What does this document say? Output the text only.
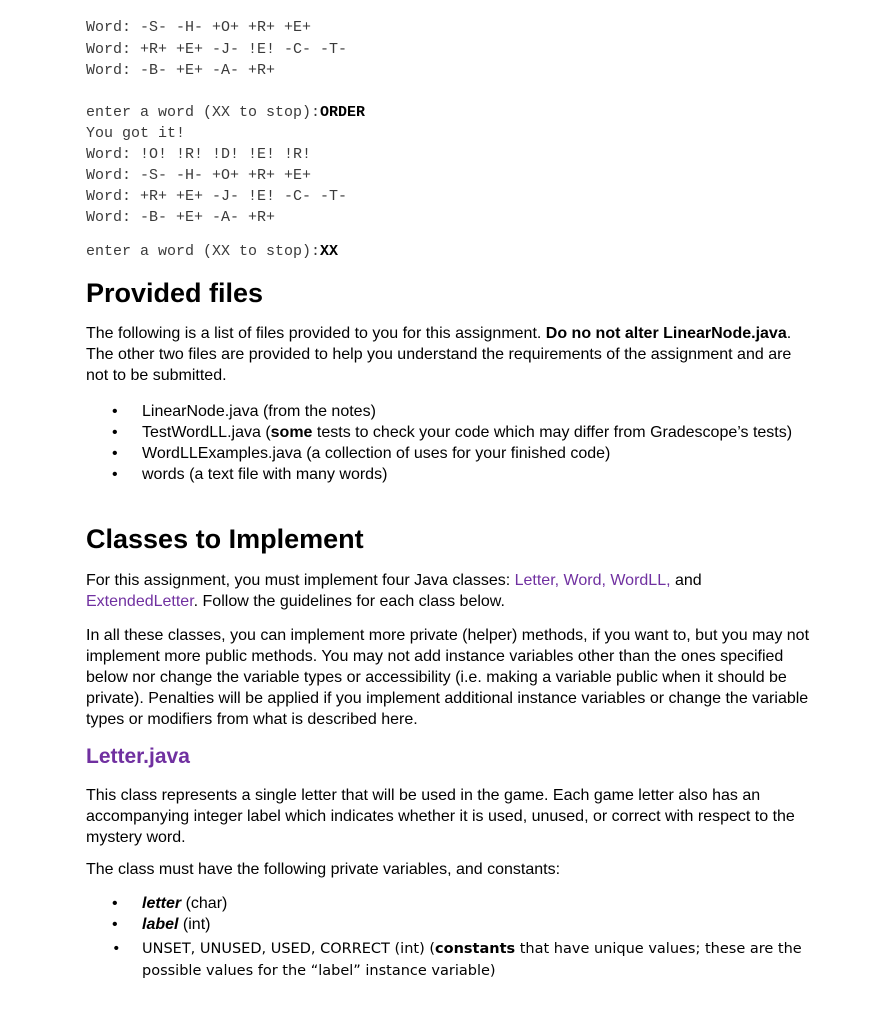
Word: -S- -H- +O+ +R+ +E+
Word: +R+ +E+ -J- !E! -C- -T-
Word: -B- +E+ -A- +R+
enter a word (XX to stop):ORDER
You got it!
Word: !O! !R! !D! !E! !R!
Word: -S- -H- +O+ +R+ +E+
Word: +R+ +E+ -J- !E! -C- -T-
Word: -B- +E+ -A- +R+
enter a word (XX to stop):XX
Provided files

The following is a list of files provided to you for this assignment. Do no not alter LinearNode.java. The other two files are provided to help you understand the requirements of the assignment and are not to be submitted.

• LinearNode.java (from the notes)
• TestWordLL.java (some tests to check your code which may differ from Gradescope’s tests)
• WordLLExamples.java (a collection of uses for your finished code)
• words (a text file with many words)
Classes to Implement

For this assignment, you must implement four Java classes: Letter, Word, WordLL, and ExtendedLetter. Follow the guidelines for each class below.

In all these classes, you can implement more private (helper) methods, if you want to, but you may not implement more public methods. You may not add instance variables other than the ones specified below nor change the variable types or accessibility (i.e. making a variable public when it should be private). Penalties will be applied if you implement additional instance variables or change the variable types or modifiers from what is described here.

Letter.java

This class represents a single letter that will be used in the game. Each game letter also has an accompanying integer label which indicates whether it is used, unused, or correct with respect to the mystery word.

The class must have the following private variables, and constants:

• letter (char)
• label (int)
• UNSET, UNUSED, USED, CORRECT (int) (constants that have unique values; these are the possible values for the “label” instance variable)
